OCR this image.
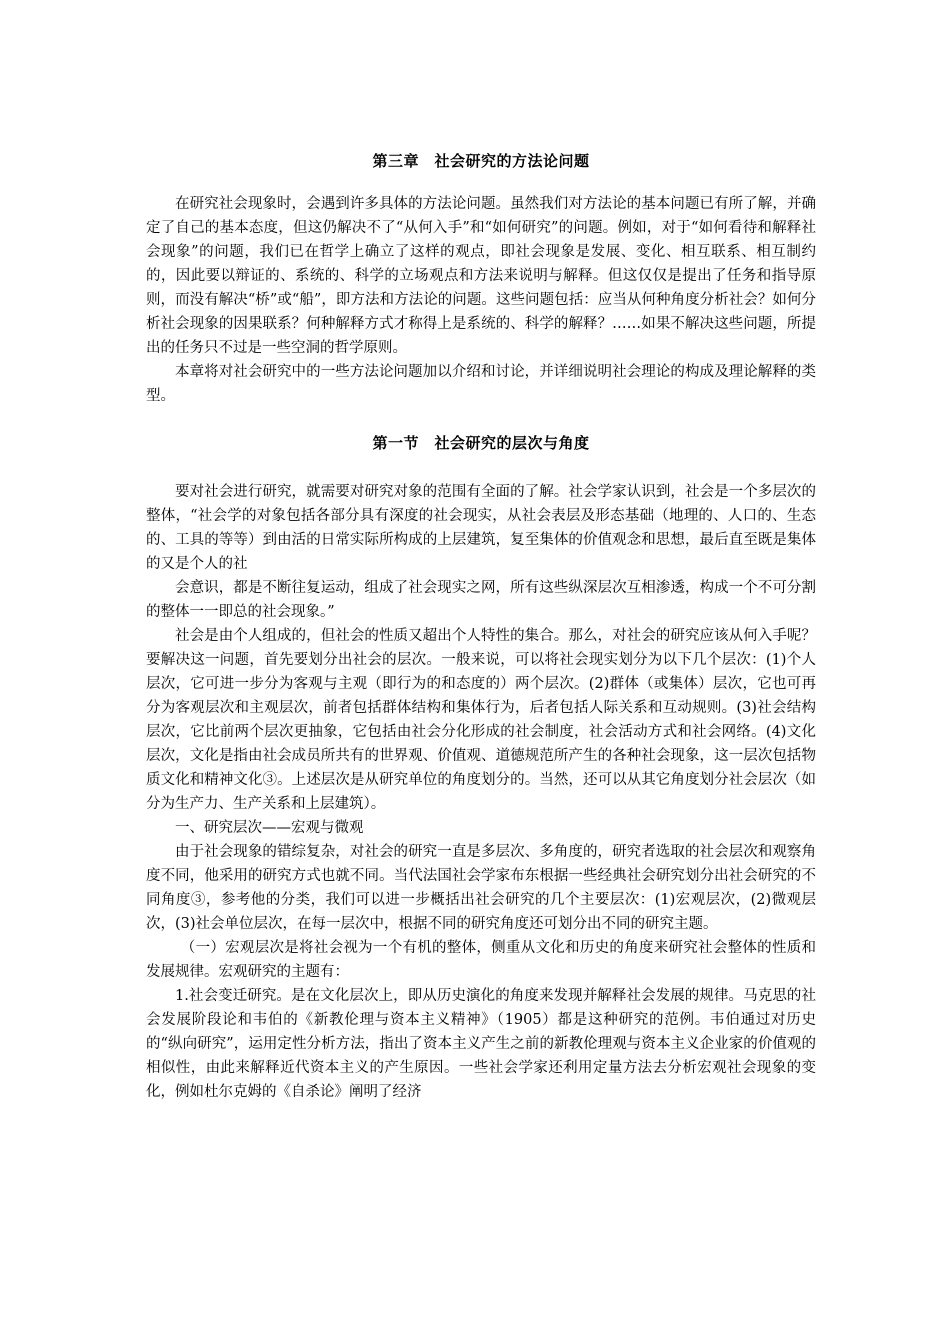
第三章　社会研究的方法论问题

在研究社会现象时，会遇到许多具体的方法论问题。虽然我们对方法论的基本问题已有所了解，并确定了自己的基本态度，但这仍解决不了“从何入手”和“如何研究”的问题。例如，对于“如何看待和解释社会现象”的问题，我们已在哲学上确立了这样的观点，即社会现象是发展、变化、相互联系、相互制约的，因此要以辩证的、系统的、科学的立场观点和方法来说明与解释。但这仅仅是提出了任务和指导原则，而没有解决“桥”或“船”，即方法和方法论的问题。这些问题包括：应当从何种角度分析社会？如何分析社会现象的因果联系？何种解释方式才称得上是系统的、科学的解释？……如果不解决这些问题，所提出的任务只不过是一些空洞的哲学原则。

本章将对社会研究中的一些方法论问题加以介绍和讨论，并详细说明社会理论的构成及理论解释的类型。

第一节　社会研究的层次与角度

要对社会进行研究，就需要对研究对象的范围有全面的了解。社会学家认识到，社会是一个多层次的整体，“社会学的对象包括各部分具有深度的社会现实，从社会表层及形态基础（地理的、人口的、生态的、工具的等等）到由活的日常实际所构成的上层建筑，复至集体的价值观念和思想，最后直至既是集体的又是个人的社

会意识，都是不断往复运动，组成了社会现实之网，所有这些纵深层次互相渗透，构成一个不可分割的整体一一即总的社会现象。”

社会是由个人组成的，但社会的性质又超出个人特性的集合。那么，对社会的研究应该从何入手呢？要解决这一问题，首先要划分出社会的层次。一般来说，可以将社会现实划分为以下几个层次：(1)个人层次，它可进一步分为客观与主观（即行为的和态度的）两个层次。(2)群体（或集体）层次，它也可再分为客观层次和主观层次，前者包括群体结构和集体行为，后者包括人际关系和互动规则。(3)社会结构层次，它比前两个层次更抽象，它包括由社会分化形成的社会制度，社会活动方式和社会网络。(4)文化层次，文化是指由社会成员所共有的世界观、价值观、道德规范所产生的各种社会现象，这一层次包括物质文化和精神文化③。上述层次是从研究单位的角度划分的。当然，还可以从其它角度划分社会层次（如分为生产力、生产关系和上层建筑）。

一、研究层次——宏观与微观

由于社会现象的错综复杂，对社会的研究一直是多层次、多角度的，研究者选取的社会层次和观察角度不同，他采用的研究方式也就不同。当代法国社会学家布东根据一些经典社会研究划分出社会研究的不同角度③，参考他的分类，我们可以进一步概括出社会研究的几个主要层次：(1)宏观层次，(2)微观层次，(3)社会单位层次，在每一层次中，根据不同的研究角度还可划分出不同的研究主题。

（一）宏观层次是将社会视为一个有机的整体，侧重从文化和历史的角度来研究社会整体的性质和发展规律。宏观研究的主题有：

1.社会变迁研究。是在文化层次上，即从历史演化的角度来发现并解释社会发展的规律。马克思的社会发展阶段论和韦伯的《新教伦理与资本主义精神》（1905）都是这种研究的范例。韦伯通过对历史的“纵向研究”，运用定性分析方法，指出了资本主义产生之前的新教伦理观与资本主义企业家的价值观的相似性，由此来解释近代资本主义的产生原因。一些社会学家还利用定量方法去分析宏观社会现象的变化，例如杜尔克姆的《自杀论》阐明了经济
